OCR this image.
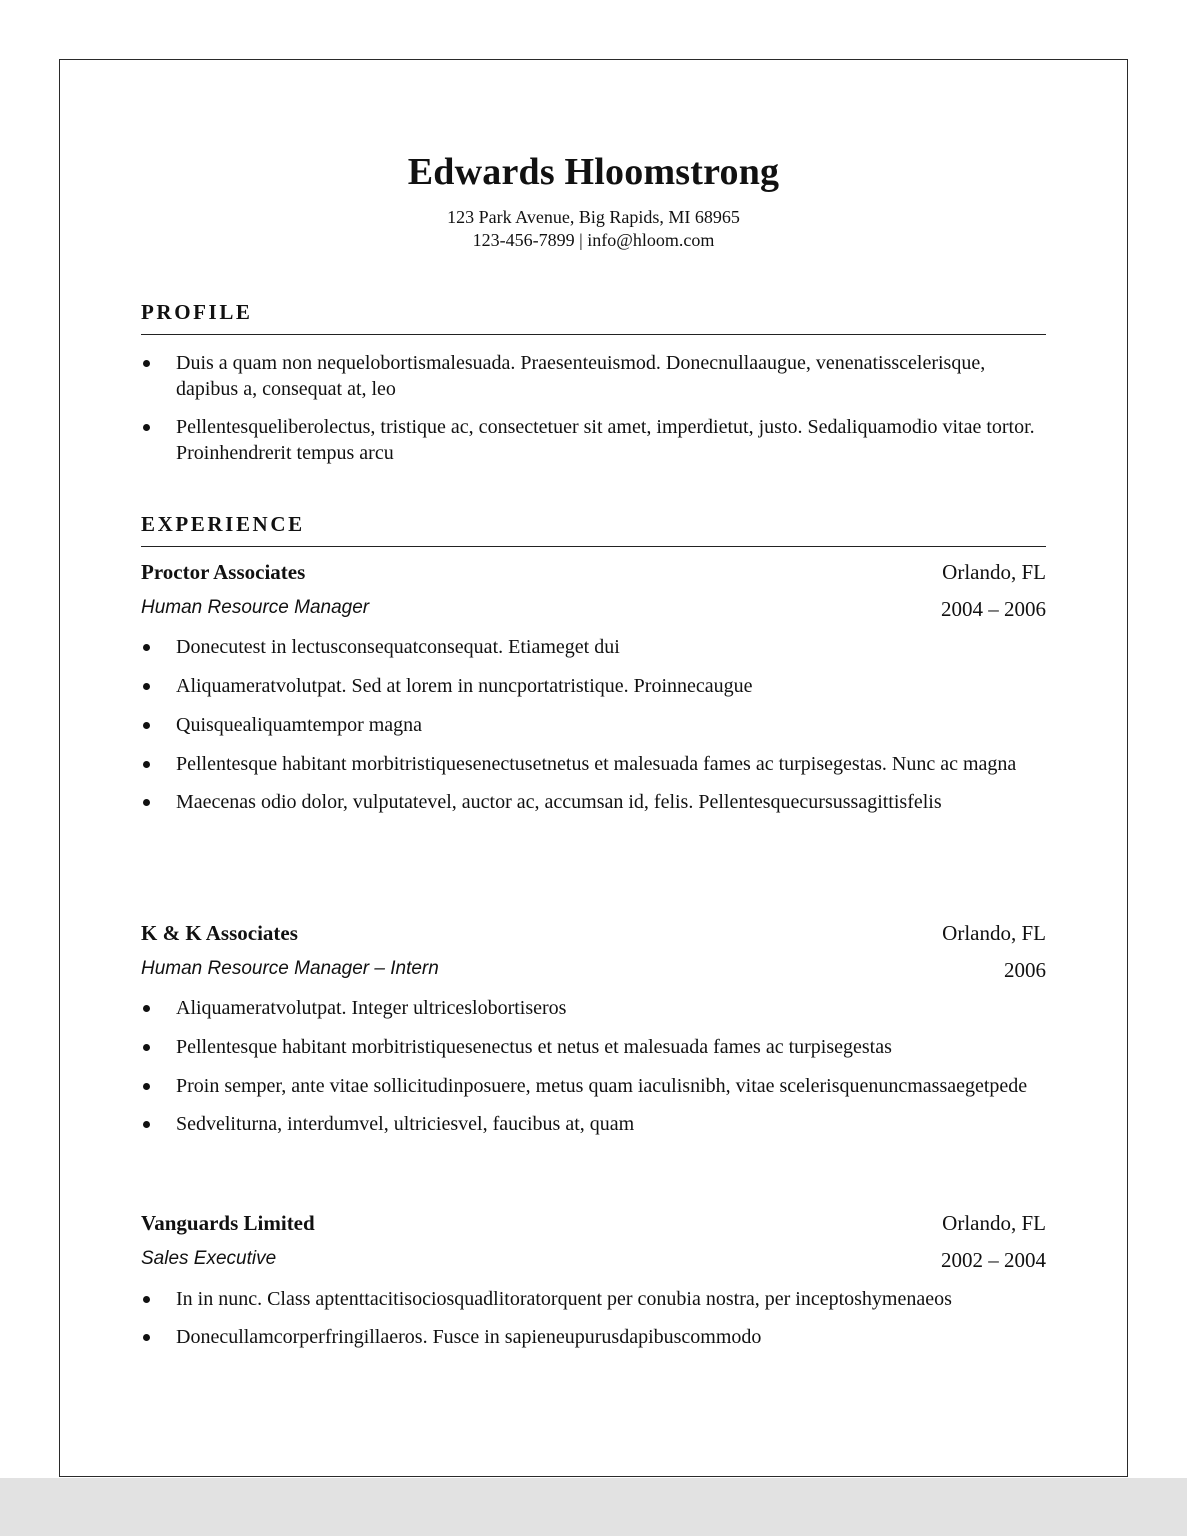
Edwards Hloomstrong
123 Park Avenue, Big Rapids, MI 68965
123-456-7899 | info@hloom.com
PROFILE
Duis a quam non nequelobortismalesuada. Praesenteuismod. Donecnullaaugue, venenatisscelerisque, dapibus a, consequat at, leo
Pellentesqueliberolectus, tristique ac, consectetuer sit amet, imperdietut, justo. Sedaliquamodio vitae tortor. Proinhendrerit tempus arcu
EXPERIENCE
Proctor Associates	Orlando, FL
Human Resource Manager	2004 – 2006
Donecutest in lectusconsequatconsequat. Etiameget dui
Aliquameratvolutpat. Sed at lorem in nuncportatristique. Proinnecaugue
Quisquealiquamtempor magna
Pellentesque habitant morbitristiquesenectusetnetus et malesuada fames ac turpisegestas. Nunc ac magna
Maecenas odio dolor, vulputatevel, auctor ac, accumsan id, felis. Pellentesquecursussagittisfelis
K & K Associates	Orlando, FL
Human Resource Manager – Intern	2006
Aliquameratvolutpat. Integer ultriceslobortiseros
Pellentesque habitant morbitristiquesenectus et netus et malesuada fames ac turpisegestas
Proin semper, ante vitae sollicitudinposuere, metus quam iaculisnibh, vitae scelerisquenuncmassaegetpede
Sedveliturna, interdumvel, ultriciesvel, faucibus at, quam
Vanguards Limited	Orlando, FL
Sales Executive	2002 – 2004
In in nunc. Class aptenttacitisociosquadlitoratorquent per conubia nostra, per inceptoshymenaeos
Donecullamcorperfringillaeros. Fusce in sapieneupurusdapibuscommodo
